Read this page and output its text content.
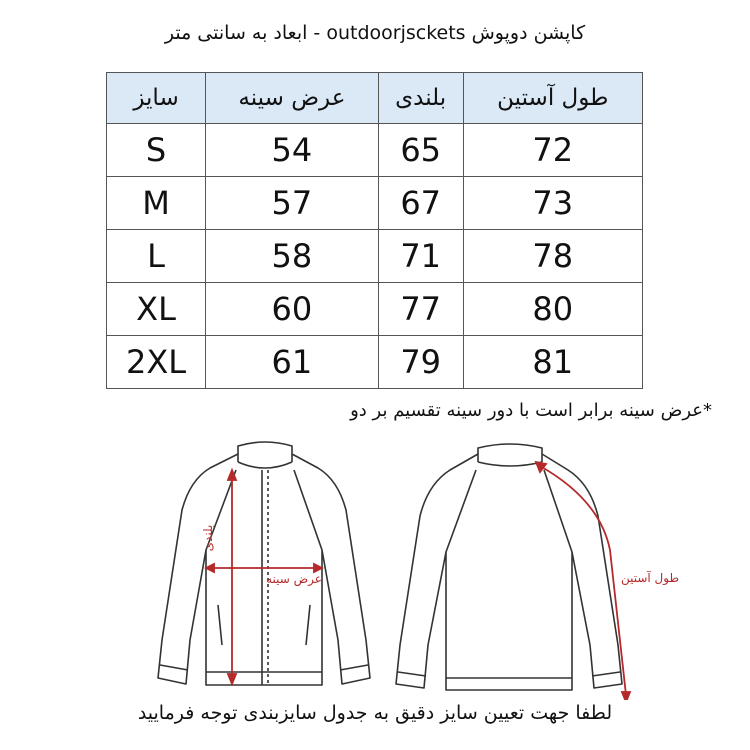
کاپشن دوپوش outdoorjsckets - ابعاد به سانتی متر
سایز	عرض سینه	بلندی	طول آستین
S	54	65	72
M	57	67	73
L	58	71	78
XL	60	77	80
2XL	61	79	81
*عرض سینه برابر است با دور سینه تقسیم بر دو
بلندی
عرض سینه	طول آستین
لطفا جهت تعیین سایز دقیق به جدول سایزبندی توجه فرمایید
